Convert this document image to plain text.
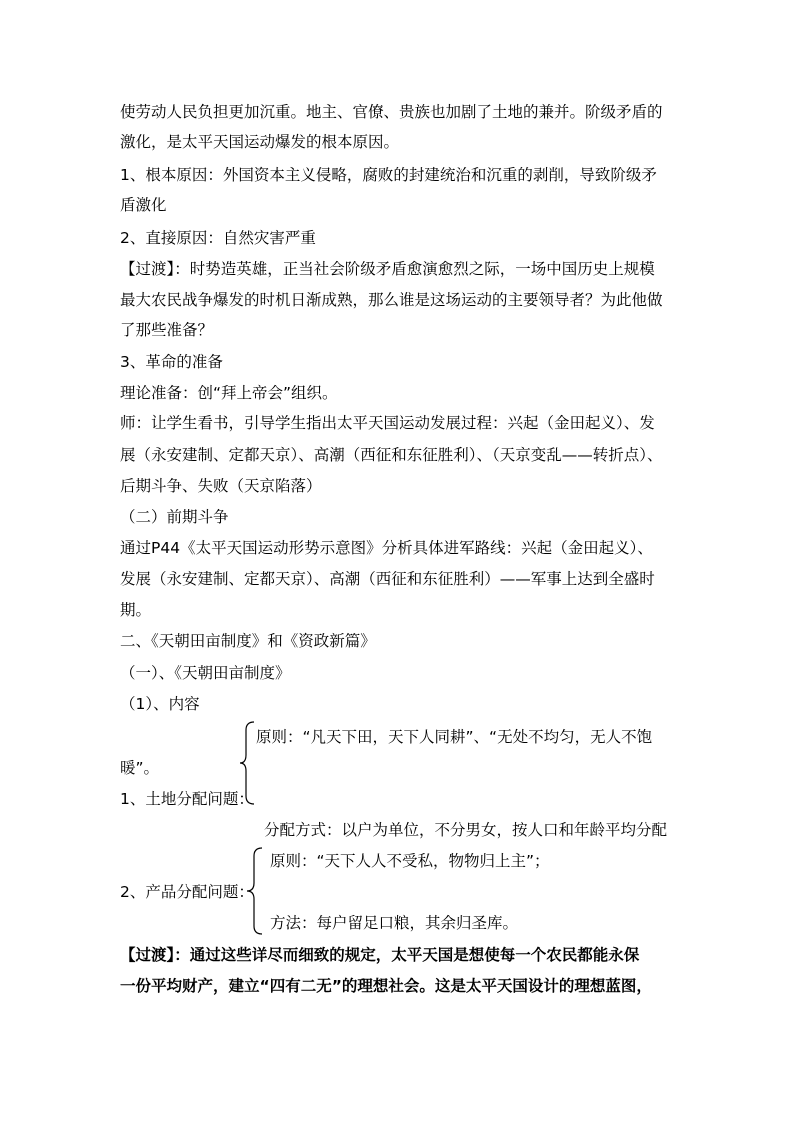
使劳动人民负担更加沉重。地主、官僚、贵族也加剧了土地的兼并。阶级矛盾的
激化，是太平天国运动爆发的根本原因。
1、根本原因：外国资本主义侵略，腐败的封建统治和沉重的剥削，导致阶级矛
盾激化
2、直接原因：自然灾害严重
【过渡】：时势造英雄，正当社会阶级矛盾愈演愈烈之际，一场中国历史上规模
最大农民战争爆发的时机日渐成熟，那么谁是这场运动的主要领导者？为此他做
了那些准备？
3、革命的准备
理论准备：创“拜上帝会”组织。
师：让学生看书，引导学生指出太平天国运动发展过程：兴起（金田起义）、发
展（永安建制、定都天京）、高潮（西征和东征胜利）、（天京变乱——转折点）、
后期斗争、失败（天京陷落）
（二）前期斗争
通过P44《太平天国运动形势示意图》分析具体进军路线：兴起（金田起义）、
发展（永安建制、定都天京）、高潮（西征和东征胜利）——军事上达到全盛时
期。
二、《天朝田亩制度》和《资政新篇》
（一）、《天朝田亩制度》
（1）、内容
原则：“凡天下田，天下人同耕”、“无处不均匀，无人不饱
暖”。
1、土地分配问题：
分配方式：以户为单位，不分男女，按人口和年龄平均分配
原则：“天下人人不受私，物物归上主”；
2、产品分配问题：
方法：每户留足口粮，其余归圣库。
【过渡】：通过这些详尽而细致的规定，太平天国是想使每一个农民都能永保
一份平均财产，建立“四有二无”的理想社会。这是太平天国设计的理想蓝图，
